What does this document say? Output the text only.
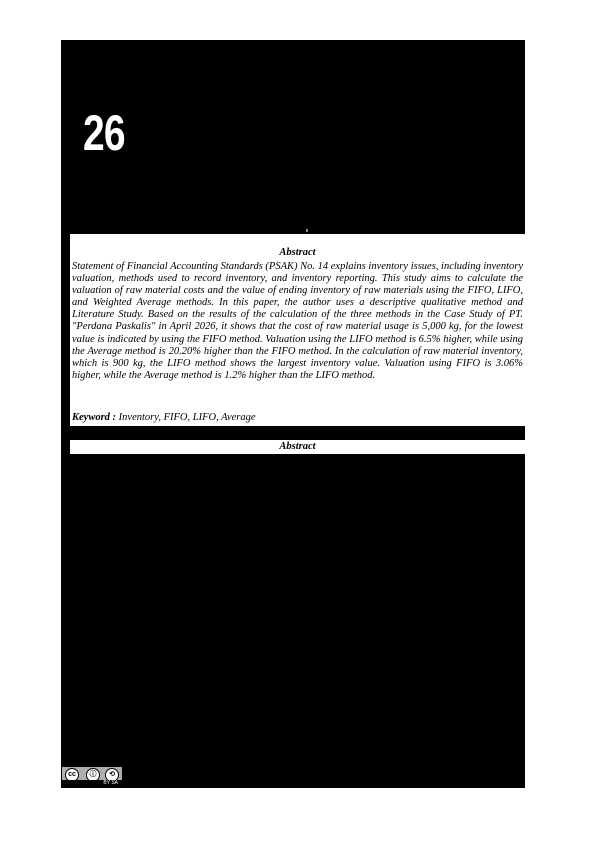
26
Abstract
Statement of Financial Accounting Standards (PSAK) No. 14 explains inventory issues, including inventory valuation, methods used to record inventory, and inventory reporting. This study aims to calculate the valuation of raw material costs and the value of ending inventory of raw materials using the FIFO, LIFO, and Weighted Average methods. In this paper, the author uses a descriptive qualitative method and Literature Study. Based on the results of the calculation of the three methods in the Case Study of PT. "Perdana Paskalis" in April 2026, it shows that the cost of raw material usage is 5,000 kg, for the lowest value is indicated by using the FIFO method. Valuation using the LIFO method is 6.5% higher, while using the Average method is 20.20% higher than the FIFO method. In the calculation of raw material inventory, which is 900 kg, the LIFO method shows the largest inventory value. Valuation using FIFO is 3.06% higher, while the Average method is 1.2% higher than the LIFO method.
Keyword : Inventory, FIFO, LIFO, Average
Abstract
cc	ⓘ	⟲
BY SA
